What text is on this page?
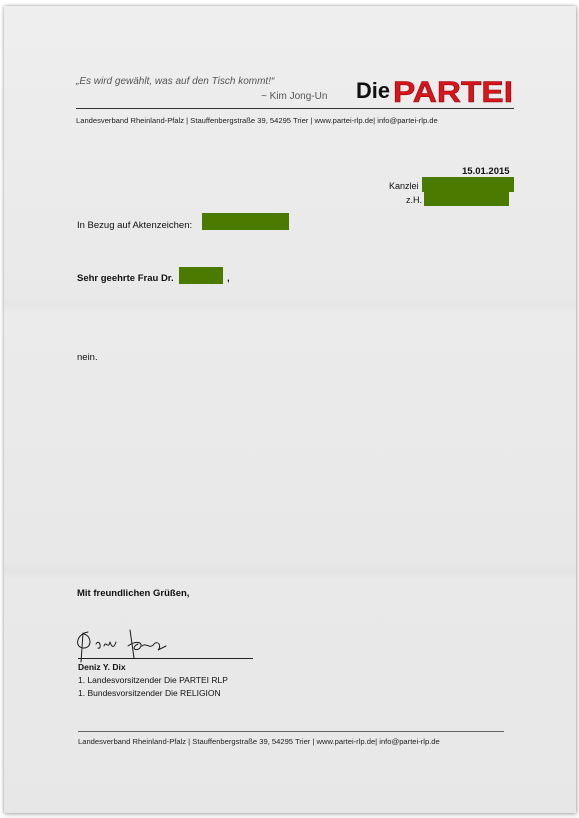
„Es wird gewählt, was auf den Tisch kommt!“
~ Kim Jong-Un Die PARTEI
Landesverband Rheinland-Pfalz | Stauffenbergstraße 39, 54295 Trier | www.partei-rlp.de| info@partei-rlp.de
15.01.2015
Kanzlei
z.H.
In Bezug auf Aktenzeichen:
Sehr geehrte Frau Dr.	,
nein.
Mit freundlichen Grüßen,
Deniz Y. Dix
1. Landesvorsitzender Die PARTEI RLP
1. Bundesvorsitzender Die RELIGION
Landesverband Rheinland-Pfalz | Stauffenbergstraße 39, 54295 Trier | www.partei-rlp.de| info@partei-rlp.de
